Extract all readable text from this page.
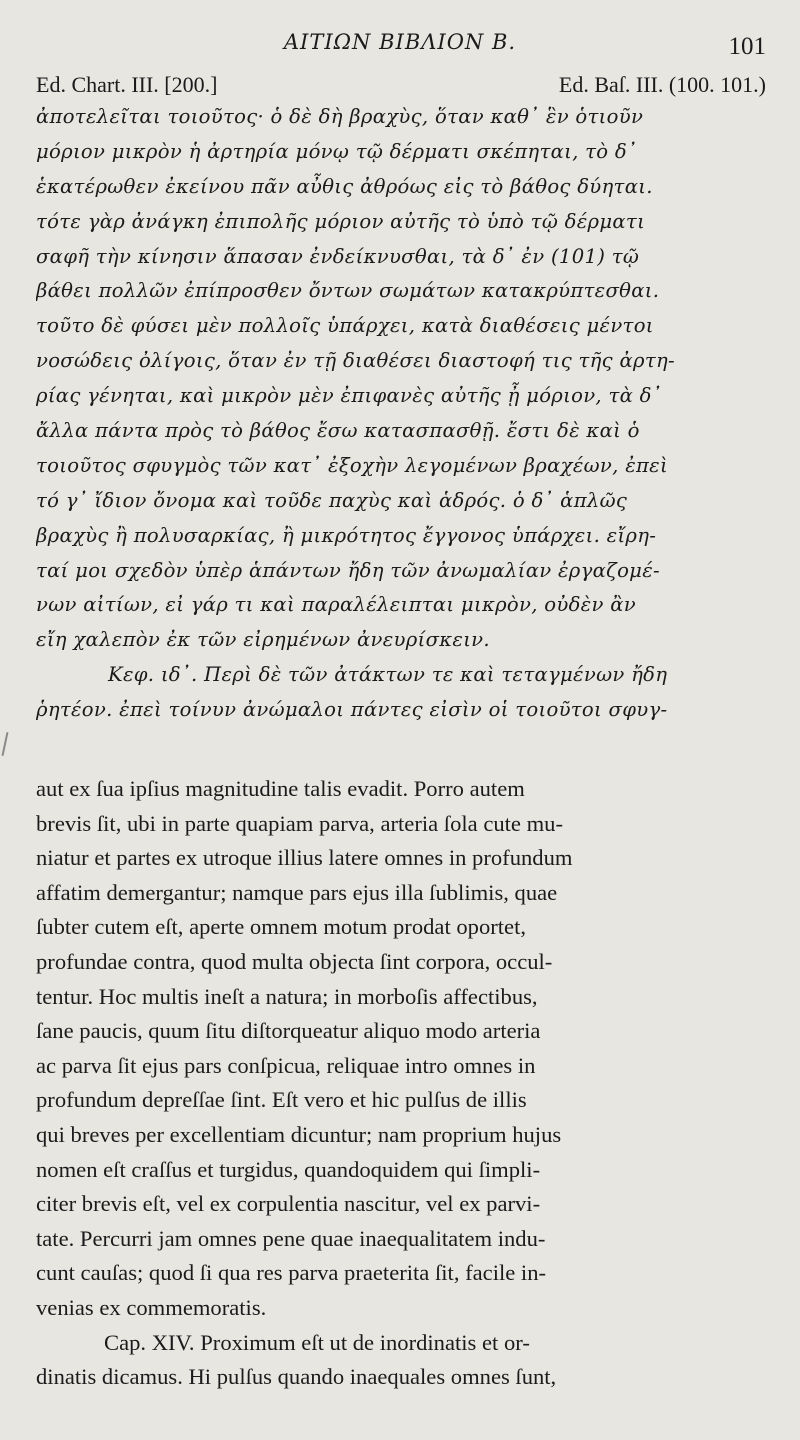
ΑΙΤΙΩΝ ΒΙΒΛΙΟΝ Β.	101
Ed. Chart. III. [200.]	Ed. Baſ. III. (100. 101.)
ἀποτελεῖται τοιοῦτος· ὁ δὲ δὴ βραχὺς, ὅταν καθ᾽ ἓν ὁτιοῦν
μόριον μικρὸν ἡ ἀρτηρία μόνῳ τῷ δέρματι σκέπηται, τὸ δ᾽
ἑκατέρωθεν ἐκείνου πᾶν αὖθις ἀθρόως εἰς τὸ βάθος δύηται.
τότε γὰρ ἀνάγκη ἐπιπολῆς μόριον αὐτῆς τὸ ὑπὸ τῷ δέρματι
σαφῆ τὴν κίνησιν ἅπασαν ἐνδείκνυσθαι, τὰ δ᾽ ἐν (101) τῷ
βάθει πολλῶν ἐπίπροσθεν ὄντων σωμάτων κατακρύπτεσθαι.
τοῦτο δὲ φύσει μὲν πολλοῖς ὑπάρχει, κατὰ διαθέσεις μέντοι
νοσώδεις ὀλίγοις, ὅταν ἐν τῇ διαθέσει διαστοφή τις τῆς ἀρτη-
ρίας γένηται, καὶ μικρὸν μὲν ἐπιφανὲς αὐτῆς ᾖ μόριον, τὰ δ᾽
ἄλλα πάντα πρὸς τὸ βάθος ἔσω κατασπασθῇ. ἔστι δὲ καὶ ὁ
τοιοῦτος σφυγμὸς τῶν κατ᾽ ἐξοχὴν λεγομένων βραχέων, ἐπεὶ
τό γ᾽ ἴδιον ὄνομα καὶ τοῦδε παχὺς καὶ ἁδρός. ὁ δ᾽ ἁπλῶς
βραχὺς ἢ πολυσαρκίας, ἢ μικρότητος ἔγγονος ὑπάρχει. εἴρη-
ταί μοι σχεδὸν ὑπὲρ ἁπάντων ἤδη τῶν ἀνωμαλίαν ἐργαζομέ-
νων αἰτίων, εἰ γάρ τι καὶ παραλέλειπται μικρὸν, οὐδὲν ἂν
εἴη χαλεπὸν ἐκ τῶν εἰρημένων ἀνευρίσκειν.
Κεφ. ιδ᾽. Περὶ δὲ τῶν ἀτάκτων τε καὶ τεταγμένων ἤδη
ῥητέον. ἐπεὶ τοίνυν ἀνώμαλοι πάντες εἰσὶν οἱ τοιοῦτοι σφυγ-
aut ex ſua ipſius magnitudine talis evadit. Porro autem
brevis ſit, ubi in parte quapiam parva, arteria ſola cute mu-
niatur et partes ex utroque illius latere omnes in profundum
affatim demergantur; namque pars ejus illa ſublimis, quae
ſubter cutem eſt, aperte omnem motum prodat oportet,
profundae contra, quod multa objecta ſint corpora, occul-
tentur. Hoc multis ineſt a natura; in morboſis affectibus,
ſane paucis, quum ſitu diſtorqueatur aliquo modo arteria
ac parva ſit ejus pars conſpicua, reliquae intro omnes in
profundum depreſſae ſint. Eſt vero et hic pulſus de illis
qui breves per excellentiam dicuntur; nam proprium hujus
nomen eſt craſſus et turgidus, quandoquidem qui ſimpli-
citer brevis eſt, vel ex corpulentia nascitur, vel ex parvi-
tate. Percurri jam omnes pene quae inaequalitatem indu-
cunt cauſas; quod ſi qua res parva praeterita ſit, facile in-
venias ex commemoratis.
Cap. XIV. Proximum eſt ut de inordinatis et or-
dinatis dicamus. Hi pulſus quando inaequales omnes ſunt,
